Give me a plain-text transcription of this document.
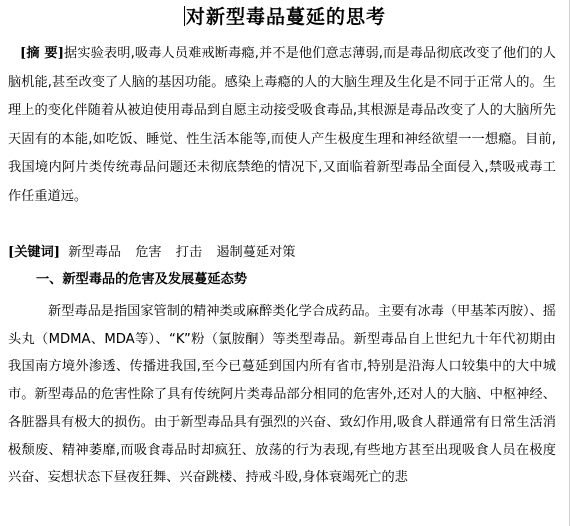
对新型毒品蔓延的思考
[摘 要]据实验表明,吸毒人员难戒断毒瘾,并不是他们意志薄弱,而是毒品彻底改变了他们的人脑机能,甚至改变了人脑的基因功能。感染上毒瘾的人的大脑生理及生化是不同于正常人的。生理上的变化伴随着从被迫使用毒品到自愿主动接受吸食毒品,其根源是毒品改变了人的大脑所先天固有的本能,如吃饭、睡觉、性生活本能等,而使人产生极度生理和神经欲望一一想瘾。目前,我国境内阿片类传统毒品问题还未彻底禁绝的情况下,又面临着新型毒品全面侵入,禁吸戒毒工作任重道远。
[关键词] 新型毒品 危害 打击 遏制蔓延对策
一、新型毒品的危害及发展蔓延态势
新型毒品是指国家管制的精神类或麻醉类化学合成药品。主要有冰毒（甲基苯丙胺）、摇头丸（MDMA、MDA等）、“K”粉（氯胺酮）等类型毒品。新型毒品自上世纪九十年代初期由我国南方境外渗透、传播进我国,至今已蔓延到国内所有省市,特别是沿海人口较集中的大中城市。新型毒品的危害性除了具有传统阿片类毒品部分相同的危害外,还对人的大脑、中枢神经、各脏器具有极大的损伤。由于新型毒品具有强烈的兴奋、致幻作用,吸食人群通常有日常生活消极颓废、精神萎靡,而吸食毒品时却疯狂、放荡的行为表现,有些地方甚至出现吸食人员在极度兴奋、妄想状态下昼夜狂舞、兴奋跳楼、持戒斗殴,身体衰竭死亡的悲
